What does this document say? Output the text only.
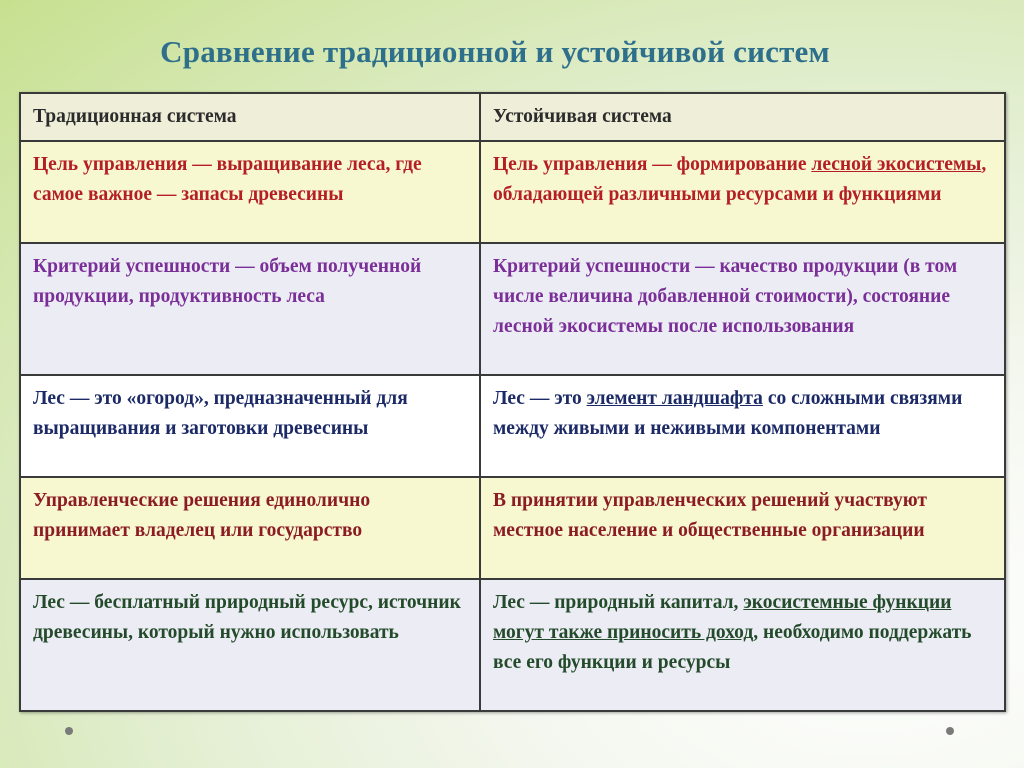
Сравнение традиционной и устойчивой систем
Традиционная система	Устойчивая система
Цель управления — выращивание леса, где самое важное — запасы древесины	Цель управления — формирование лесной экосистемы, обладающей различными ресурсами и функциями
Критерий успешности — объем полученной продукции, продуктивность леса	Критерий успешности — качество продукции (в том числе величина добавленной стоимости), состояние лесной экосистемы после использования
Лес — это «огород», предназначенный для выращивания и заготовки древесины	Лес — это элемент ландшафта со сложными связями между живыми и неживыми компонентами
Управленческие решения единолично принимает владелец или государство	В принятии управленческих решений участвуют местное население и общественные организации
Лес — бесплатный природный ресурс, источник древесины, который нужно использовать	Лес — природный капитал, экосистемные функции могут также приносить доход, необходимо поддержать все его функции и ресурсы
